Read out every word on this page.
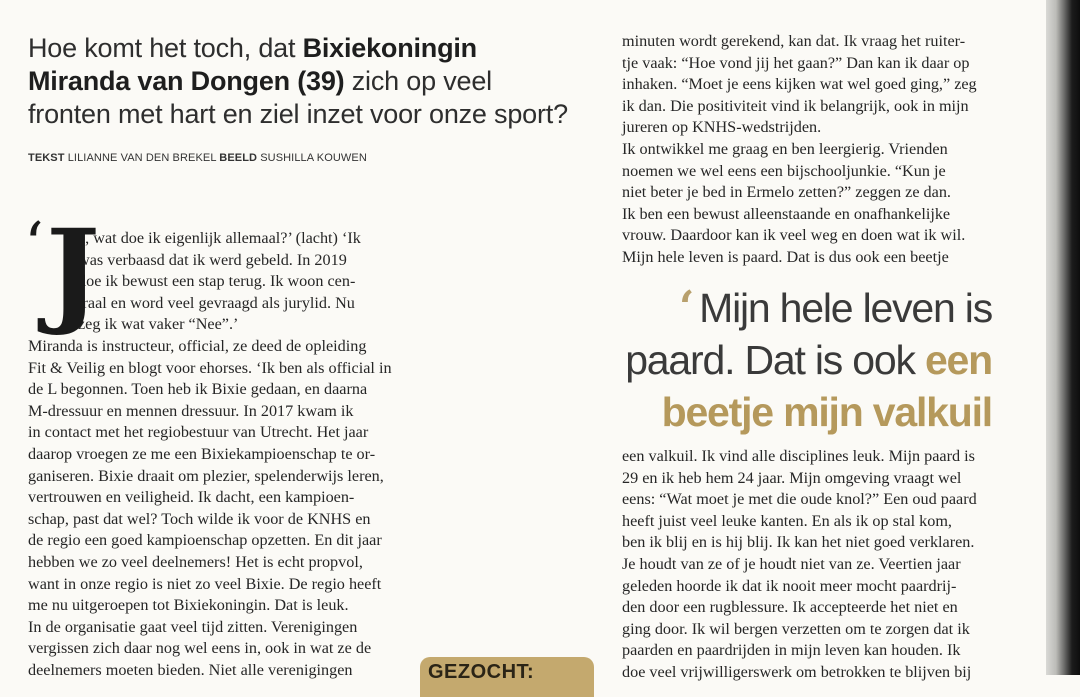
Hoe komt het toch, dat Bixiekoningin Miranda van Dongen (39) zich op veel fronten met hart en ziel inzet voor onze sport?
TEKST LILIANNE VAN DEN BREKEL BEELD SUSHILLA KOUWEN
‘ J

a, wat doe ik eigenlijk allemaal?’ (lacht) ‘Ik

was verbaasd dat ik werd gebeld. In 2019

doe ik bewust een stap terug. Ik woon cen-

traal en word veel gevraagd als jurylid. Nu

zeg ik wat vaker “Nee”.’

Miranda is instructeur, official, ze deed de opleiding

Fit & Veilig en blogt voor ehorses. ‘Ik ben als official in

de L begonnen. Toen heb ik Bixie gedaan, en daarna

M-dressuur en mennen dressuur. In 2017 kwam ik

in contact met het regiobestuur van Utrecht. Het jaar

daarop vroegen ze me een Bixiekampioenschap te or-

ganiseren. Bixie draait om plezier, spelenderwijs leren,

vertrouwen en veiligheid. Ik dacht, een kampioen-

schap, past dat wel? Toch wilde ik voor de KNHS en

de regio een goed kampioenschap opzetten. En dit jaar

hebben we zo veel deelnemers! Het is echt propvol,

want in onze regio is niet zo veel Bixie. De regio heeft

me nu uitgeroepen tot Bixiekoningin. Dat is leuk.

In de organisatie gaat veel tijd zitten. Verenigingen

vergissen zich daar nog wel eens in, ook in wat ze de

deelnemers moeten bieden. Niet alle verenigingen

minuten wordt gerekend, kan dat. Ik vraag het ruiter-

tje vaak: “Hoe vond jij het gaan?” Dan kan ik daar op

inhaken. “Moet je eens kijken wat wel goed ging,” zeg

ik dan. Die positiviteit vind ik belangrijk, ook in mijn

jureren op KNHS-wedstrijden.

Ik ontwikkel me graag en ben leergierig. Vrienden

noemen we wel eens een bijschooljunkie. “Kun je

niet beter je bed in Ermelo zetten?” zeggen ze dan.

Ik ben een bewust alleenstaande en onafhankelijke

vrouw. Daardoor kan ik veel weg en doen wat ik wil.

Mijn hele leven is paard. Dat is dus ook een beetje

‘ Mijn hele leven is
paard. Dat is ook een
beetje mijn valkuil

een valkuil. Ik vind alle disciplines leuk. Mijn paard is

29 en ik heb hem 24 jaar. Mijn omgeving vraagt wel

eens: “Wat moet je met die oude knol?” Een oud paard

heeft juist veel leuke kanten. En als ik op stal kom,

ben ik blij en is hij blij. Ik kan het niet goed verklaren.

Je houdt van ze of je houdt niet van ze. Veertien jaar

geleden hoorde ik dat ik nooit meer mocht paardrij-

den door een rugblessure. Ik accepteerde het niet en

ging door. Ik wil bergen verzetten om te zorgen dat ik

paarden en paardrijden in mijn leven kan houden. Ik

doe veel vrijwilligerswerk om betrokken te blijven bij

GEZOCHT:
